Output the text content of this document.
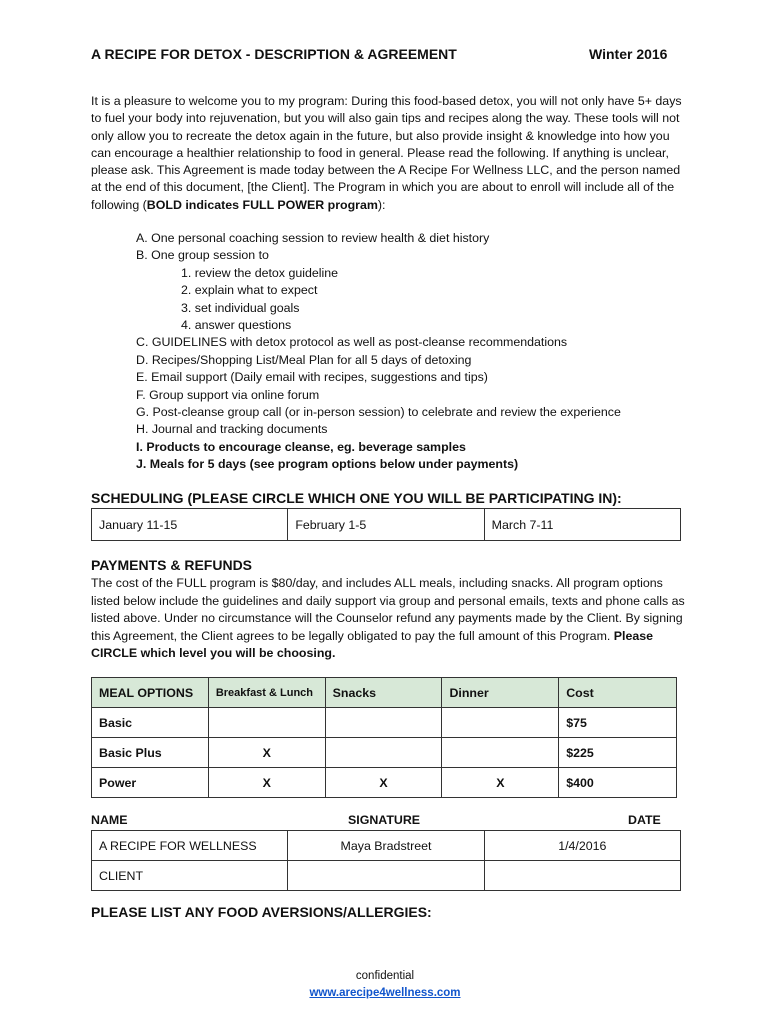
A RECIPE FOR DETOX - DESCRIPTION & AGREEMENT	Winter 2016
It is a pleasure to welcome you to my program: During this food-based detox, you will not only have 5+ days to fuel your body into rejuvenation, but you will also gain tips and recipes along the way. These tools will not only allow you to recreate the detox again in the future, but also provide insight & knowledge into how you can encourage a healthier relationship to food in general. Please read the following. If anything is unclear, please ask. This Agreement is made today between the A Recipe For Wellness LLC, and the person named at the end of this document, [the Client]. The Program in which you are about to enroll will include all of the following (BOLD indicates FULL POWER program):
A. One personal coaching session to review health & diet history
B. One group session to
1. review the detox guideline
2. explain what to expect
3. set individual goals
4. answer questions
C. GUIDELINES with detox protocol as well as post-cleanse recommendations
D. Recipes/Shopping List/Meal Plan for all 5 days of detoxing
E. Email support (Daily email with recipes, suggestions and tips)
F. Group support via online forum
G. Post-cleanse group call (or in-person session) to celebrate and review the experience
H. Journal and tracking documents
I. Products to encourage cleanse, eg. beverage samples
J. Meals for 5 days (see program options below under payments)
SCHEDULING (PLEASE CIRCLE WHICH ONE YOU WILL BE PARTICIPATING IN):
January 11-15	February 1-5	March 7-11
PAYMENTS & REFUNDS
The cost of the FULL program is $80/day, and includes ALL meals, including snacks. All program options listed below include the guidelines and daily support via group and personal emails, texts and phone calls as listed above. Under no circumstance will the Counselor refund any payments made by the Client. By signing this Agreement, the Client agrees to be legally obligated to pay the full amount of this Program. Please CIRCLE which level you will be choosing.
MEAL OPTIONS	Breakfast & Lunch	Snacks	Dinner	Cost
Basic				$75
Basic Plus	X			$225
Power	X	X	X	$400
NAME	SIGNATURE	DATE
A RECIPE FOR WELLNESS	Maya Bradstreet	1/4/2016
CLIENT		
PLEASE LIST ANY FOOD AVERSIONS/ALLERGIES:
confidential
www.arecipe4wellness.com
